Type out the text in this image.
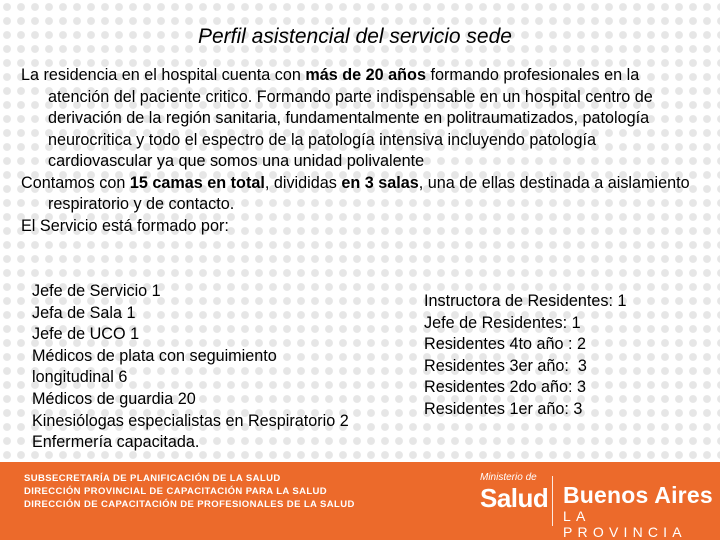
Perfil asistencial del servicio sede

La residencia en el hospital cuenta con más de 20 años formando profesionales en la atención del paciente critico. Formando parte indispensable en un hospital centro de derivación de la región sanitaria, fundamentalmente en politraumatizados, patología neurocritica y todo el espectro de la patología intensiva incluyendo patología cardiovascular ya que somos una unidad polivalente

Contamos con 15 camas en total, divididas en 3 salas, una de ellas destinada a aislamiento respiratorio y de contacto.

El Servicio está formado por:

Jefe de Servicio 1
Jefa de Sala 1
Jefe de UCO 1
Médicos de plata con seguimiento longitudinal 6
Médicos de guardia 20
Kinesiólogas especialistas en Respiratorio 2
Enfermería capacitada.
Instructora de Residentes: 1
Jefe de Residentes: 1
Residentes 4to año : 2
Residentes 3er año:  3
Residentes 2do año: 3
Residentes 1er año: 3
SUBSECRETARÍA DE PLANIFICACIÓN DE LA SALUD
DIRECCIÓN PROVINCIAL DE CAPACITACIÓN PARA LA SALUD
DIRECCIÓN DE CAPACITACIÓN DE PROFESIONALES DE LA SALUD
Ministerio de
Salud Buenos Aires
LA PROVINCIA
